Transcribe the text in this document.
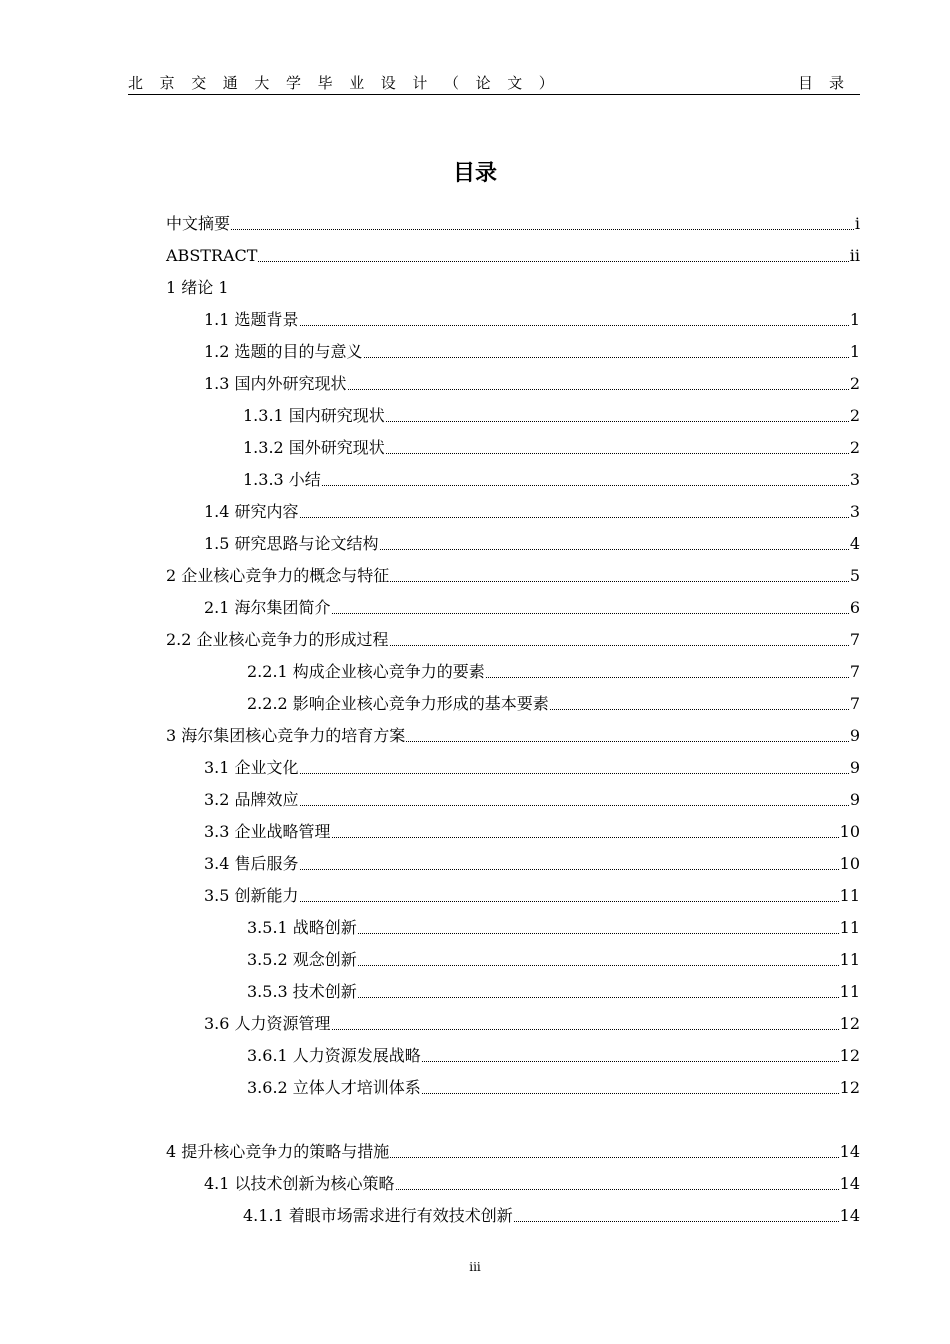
北京交通大学毕业设计（论文）	目录
目录
中文摘要	i
ABSTRACT	ii
1 绪论 1
1.1 选题背景	1
1.2 选题的目的与意义	1
1.3 国内外研究现状	2
1.3.1 国内研究现状	2
1.3.2 国外研究现状	2
1.3.3 小结	3
1.4 研究内容	3
1.5 研究思路与论文结构	4
2 企业核心竞争力的概念与特征	5
2.1 海尔集团简介	6
2.2 企业核心竞争力的形成过程	7
2.2.1 构成企业核心竞争力的要素	7
2.2.2 影响企业核心竞争力形成的基本要素	7
3 海尔集团核心竞争力的培育方案	9
3.1 企业文化	9
3.2 品牌效应	9
3.3 企业战略管理	10
3.4 售后服务	10
3.5 创新能力	11
3.5.1 战略创新	11
3.5.2 观念创新	11
3.5.3 技术创新	11
3.6 人力资源管理	12
3.6.1 人力资源发展战略	12
3.6.2 立体人才培训体系	12
4 提升核心竞争力的策略与措施	14
4.1 以技术创新为核心策略	14
4.1.1 着眼市场需求进行有效技术创新	14
iii
